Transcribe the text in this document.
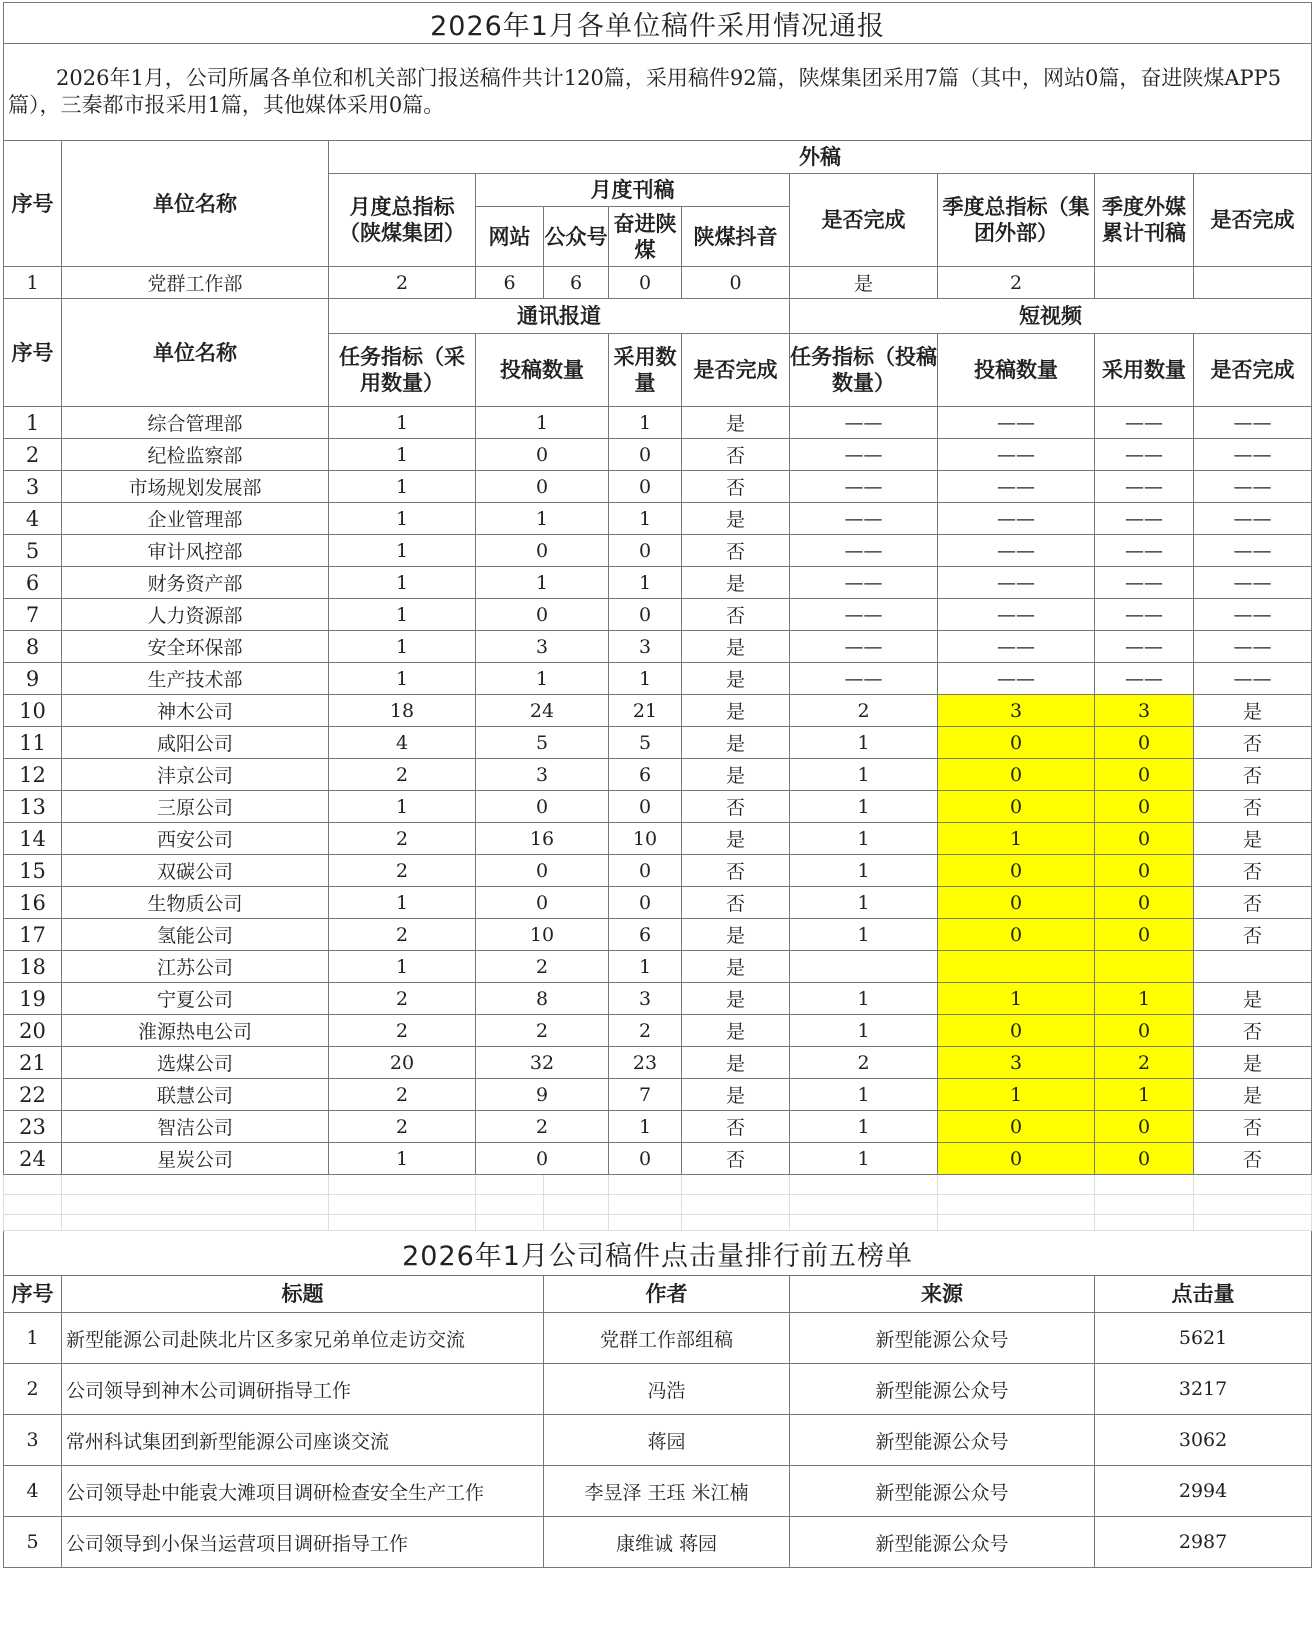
2026年1月各单位稿件采用情况通报										
2026年1月，公司所属各单位和机关部门报送稿件共计120篇，采用稿件92篇，陕煤集团采用7篇（其中，网站0篇，奋进陕煤APP5篇），三秦都市报采用1篇，其他媒体采用0篇。										
序号	单位名称	外稿								
		月度总指标（陕煤集团）	月度刊稿				是否完成	季度总指标（集团外部）	季度外媒累计刊稿	是否完成
			网站	公众号	奋进陕煤	陕煤抖音				
1	党群工作部	2	6	6	0	0	是	2		
序号	单位名称	通讯报道					短视频			
		任务指标（采用数量）	投稿数量		采用数量	是否完成	任务指标（投稿数量）	投稿数量	采用数量	是否完成
1	综合管理部	1	1		1	是	——	——	——	——
2	纪检监察部	1	0		0	否	——	——	——	——
3	市场规划发展部	1	0		0	否	——	——	——	——
4	企业管理部	1	1		1	是	——	——	——	——
5	审计风控部	1	0		0	否	——	——	——	——
6	财务资产部	1	1		1	是	——	——	——	——
7	人力资源部	1	0		0	否	——	——	——	——
8	安全环保部	1	3		3	是	——	——	——	——
9	生产技术部	1	1		1	是	——	——	——	——
10	神木公司	18	24		21	是	2	3	3	是
11	咸阳公司	4	5		5	是	1	0	0	否
12	沣京公司	2	3		6	是	1	0	0	否
13	三原公司	1	0		0	否	1	0	0	否
14	西安公司	2	16		10	是	1	1	0	是
15	双碳公司	2	0		0	否	1	0	0	否
16	生物质公司	1	0		0	否	1	0	0	否
17	氢能公司	2	10		6	是	1	0	0	否
18	江苏公司	1	2		1	是				
19	宁夏公司	2	8		3	是	1	1	1	是
20	淮源热电公司	2	2		2	是	1	0	0	否
21	选煤公司	20	32		23	是	2	3	2	是
22	联慧公司	2	9		7	是	1	1	1	是
23	智洁公司	2	2		1	否	1	0	0	否
24	星炭公司	1	0		0	否	1	0	0	否

2026年1月公司稿件点击量排行前五榜单										
序号	标题			作者			来源		点击量	
1	新型能源公司赴陕北片区多家兄弟单位走访交流			党群工作部组稿			新型能源公众号		5621	
2	公司领导到神木公司调研指导工作			冯浩			新型能源公众号		3217	
3	常州科试集团到新型能源公司座谈交流			蒋园			新型能源公众号		3062	
4	公司领导赴中能袁大滩项目调研检查安全生产工作			李昱泽 王珏 米江楠			新型能源公众号		2994	
5	公司领导到小保当运营项目调研指导工作			康维诚 蒋园			新型能源公众号		2987	
